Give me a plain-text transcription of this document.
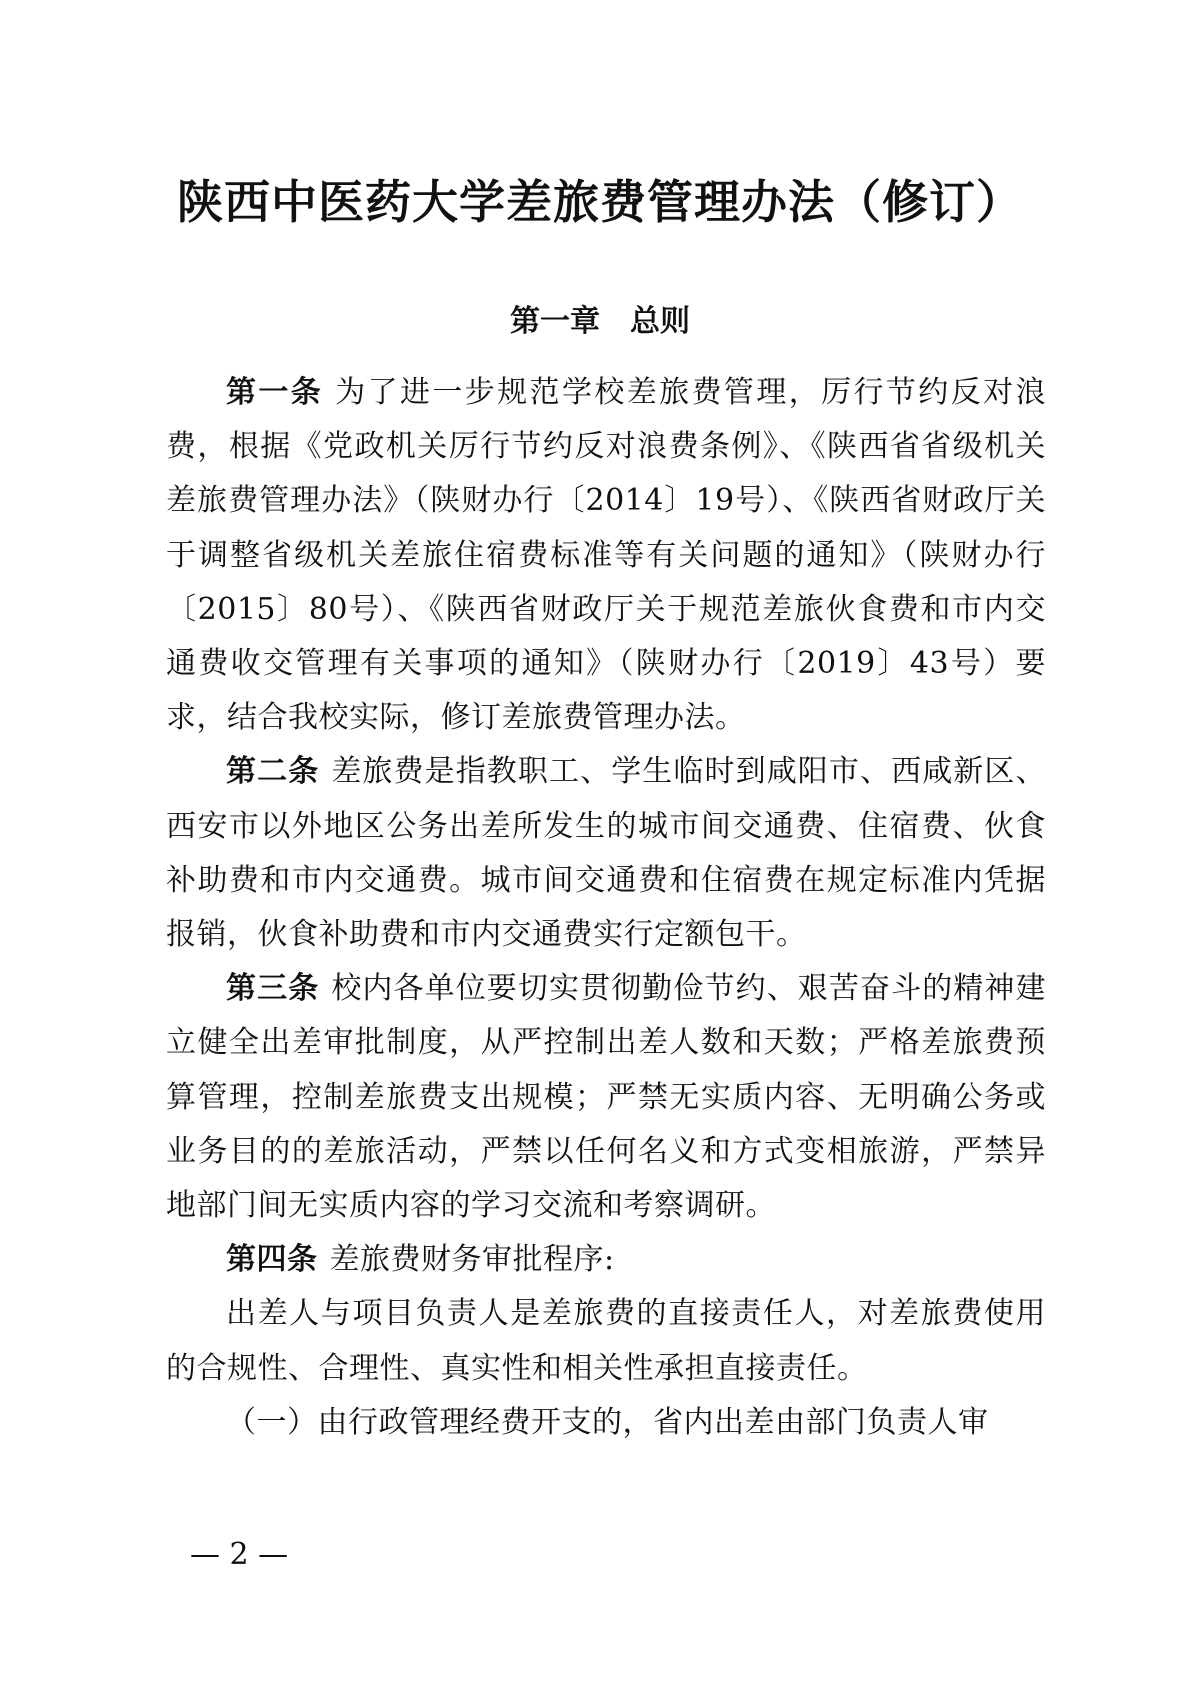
陕西中医药大学差旅费管理办法（修订）
第一章　总则

第一条 为了进一步规范学校差旅费管理，厉行节约反对浪费，根据《党政机关厉行节约反对浪费条例》、《陕西省省级机关差旅费管理办法》（陕财办行〔2014〕19号）、《陕西省财政厅关于调整省级机关差旅住宿费标准等有关问题的通知》（陕财办行〔2015〕80号）、《陕西省财政厅关于规范差旅伙食费和市内交通费收交管理有关事项的通知》（陕财办行〔2019〕43号）要求，结合我校实际，修订差旅费管理办法。

第二条 差旅费是指教职工、学生临时到咸阳市、西咸新区、西安市以外地区公务出差所发生的城市间交通费、住宿费、伙食补助费和市内交通费。城市间交通费和住宿费在规定标准内凭据报销，伙食补助费和市内交通费实行定额包干。

第三条 校内各单位要切实贯彻勤俭节约、艰苦奋斗的精神建立健全出差审批制度，从严控制出差人数和天数；严格差旅费预算管理，控制差旅费支出规模；严禁无实质内容、无明确公务或业务目的的差旅活动，严禁以任何名义和方式变相旅游，严禁异地部门间无实质内容的学习交流和考察调研。

第四条 差旅费财务审批程序:

出差人与项目负责人是差旅费的直接责任人，对差旅费使用的合规性、合理性、真实性和相关性承担直接责任。

（一）由行政管理经费开支的，省内出差由部门负责人审

— 2 —
